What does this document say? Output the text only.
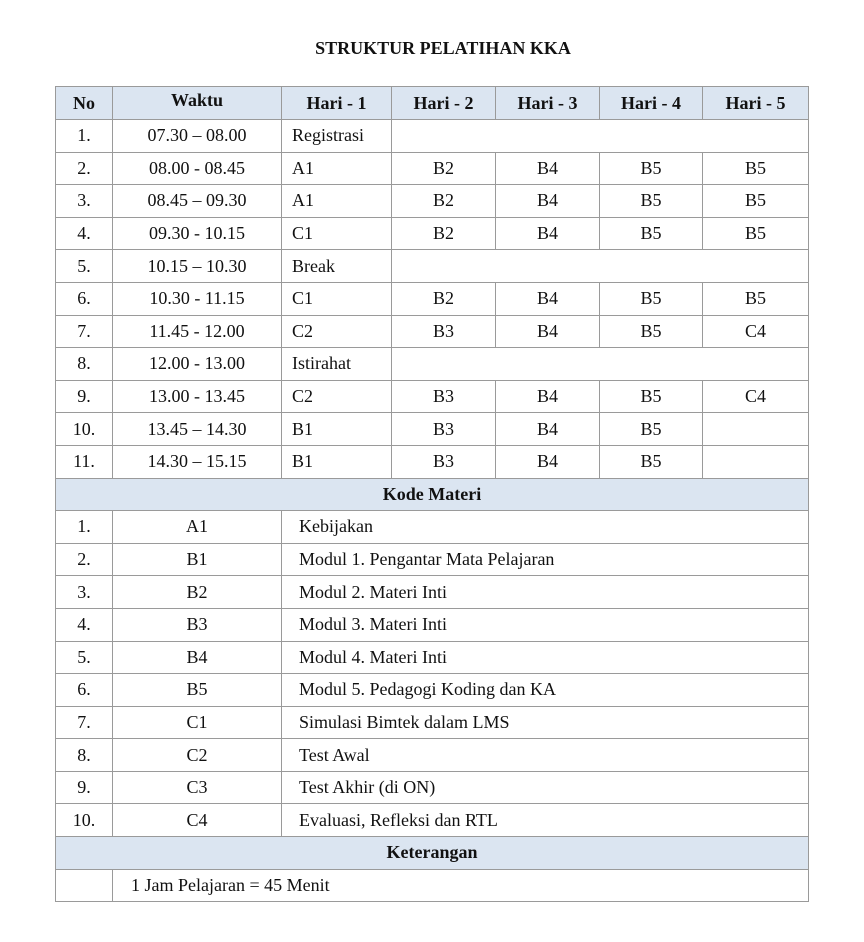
STRUKTUR PELATIHAN KKA
No	Waktu	Hari - 1	Hari - 2	Hari - 3	Hari - 4	Hari - 5
1.	07.30 – 08.00	Registrasi				
2.	08.00 - 08.45	A1	B2	B4	B5	B5
3.	08.45 – 09.30	A1	B2	B4	B5	B5
4.	09.30 - 10.15	C1	B2	B4	B5	B5
5.	10.15 – 10.30	Break				
6.	10.30 - 11.15	C1	B2	B4	B5	B5
7.	11.45 - 12.00	C2	B3	B4	B5	C4
8.	12.00 - 13.00	Istirahat				
9.	13.00 - 13.45	C2	B3	B4	B5	C4
10.	13.45 – 14.30	B1	B3	B4	B5	
11.	14.30 – 15.15	B1	B3	B4	B5	
Kode Materi						
1.	A1	Kebijakan				
2.	B1	Modul 1. Pengantar Mata Pelajaran				
3.	B2	Modul 2. Materi Inti				
4.	B3	Modul 3. Materi Inti				
5.	B4	Modul 4. Materi Inti				
6.	B5	Modul 5. Pedagogi Koding dan KA				
7.	C1	Simulasi Bimtek dalam LMS				
8.	C2	Test Awal				
9.	C3	Test Akhir (di ON)				
10.	C4	Evaluasi, Refleksi dan RTL				
Keterangan						
	1 Jam Pelajaran = 45 Menit					
